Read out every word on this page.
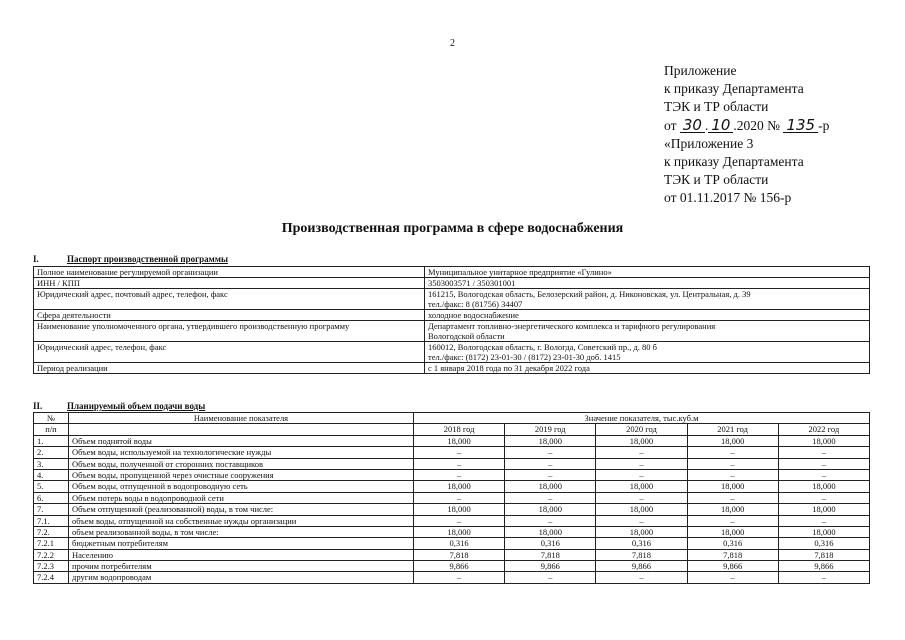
2
Приложение
к приказу Департамента
ТЭК и ТР области
от 30 . 10 .2020 № 135 -р
«Приложение 3
к приказу Департамента
ТЭК и ТР области
от 01.11.2017 № 156-р
Производственная программа в сфере водоснабжения
I.	Паспорт производственной программы
Полное наименование регулируемой организации	Муниципальное унитарное предприятие «Гулино»

ИНН / КПП	3503003571 / 350301001

Юридический адрес, почтовый адрес, телефон, факс	161215, Вологодская область, Белозерский район, д. Никоновская, ул. Центральная, д. 39
тел./факс: 8 (81756) 34407

Сфера деятельности	холодное водоснабжение

Наименование уполномоченного органа, утвердившего производственную программу	Департамент топливно-энергетического комплекса и тарифного регулирования
Вологодской области

Юридический адрес, телефон, факс	160012, Вологодская область, г. Вологда, Советский пр., д. 80 б
тел./факс: (8172) 23-01-30 / (8172) 23-01-30 доб. 1415

Период реализации	с 1 января 2018 года по 31 декабря 2022 года
II.	Планируемый объем подачи воды
№	Наименование показателя	Значение показателя, тыс.куб.м				
п/п		2018 год	2019 год	2020 год	2021 год	2022 год
1.	Объем поднятой воды	18,000	18,000	18,000	18,000	18,000
2.	Объем воды, используемой на технологические нужды	–	–	–	–	–
3.	Объем воды, полученной от сторонних поставщиков	–	–	–	–	–
4.	Объем воды, пропущенной через очистные сооружения	–	–	–	–	–
5.	Объем воды, отпущенной в водопроводную сеть	18,000	18,000	18,000	18,000	18,000
6.	Объем потерь воды в водопроводной сети	–	–	–	–	–
7.	Объем отпущенной (реализованной) воды, в том числе:	18,000	18,000	18,000	18,000	18,000
7.1.	объем воды, отпущенной на собственные нужды организации	–	–	–	–	–
7.2.	объем реализованной воды, в том числе:	18,000	18,000	18,000	18,000	18,000
7.2.1	бюджетным потребителям	0,316	0,316	0,316	0,316	0,316
7.2.2	Населению	7,818	7,818	7,818	7,818	7,818
7.2.3	прочим потребителям	9,866	9,866	9,866	9,866	9,866
7.2.4	другим водопроводам	–	–	–	–	–
